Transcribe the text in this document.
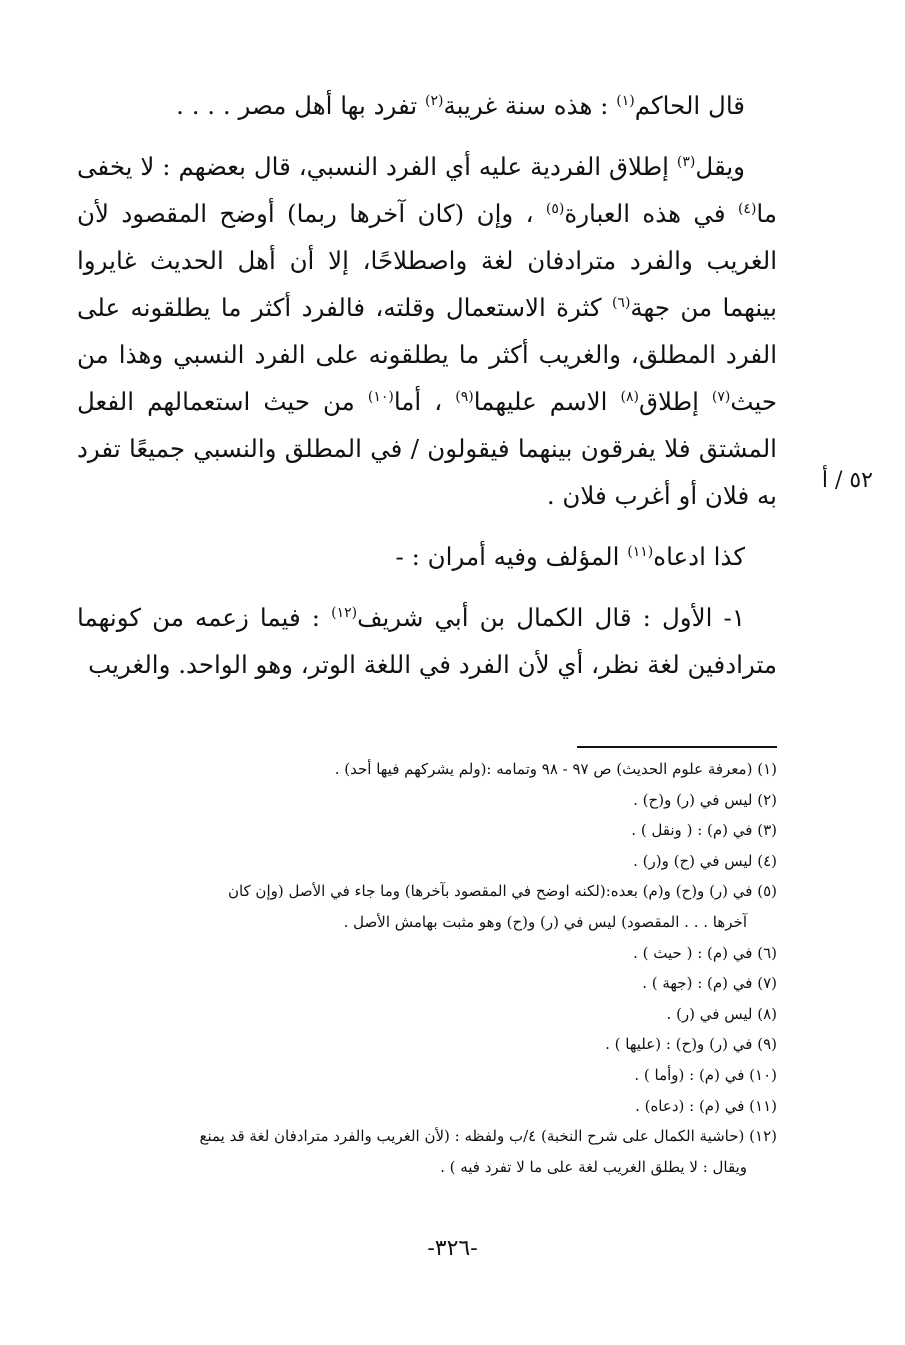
قال الحاكم$^{(١)}$ : هذه سنة غريبة$^{(٢)}$ تفرد بها أهل مصر . . . .

ويقل$^{(٣)}$ إطلاق الفردية عليه أي الفرد النسبي، قال بعضهم : لا يخفى ما$^{(٤)}$ في هذه العبارة$^{(٥)}$ ، وإن (كان آخرها ربما) أوضح المقصود لأن الغريب والفرد مترادفان لغة واصطلاحًا، إلا أن أهل الحديث غايروا بينهما من جهة$^{(٦)}$ كثرة الاستعمال وقلته، فالفرد أكثر ما يطلقونه على الفرد المطلق، والغريب أكثر ما يطلقونه على الفرد النسبي وهذا من حيث$^{(٧)}$ إطلاق$^{(٨)}$ الاسم عليهما$^{(٩)}$ ، أما$^{(١٠)}$ من حيث استعمالهم الفعل المشتق فلا يفرقون بينهما فيقولون / في المطلق والنسبي جميعًا تفرد به فلان أو أغرب فلان .

كذا ادعاه$^{(١١)}$ المؤلف وفيه أمران : -

١- الأول : قال الكمال بن أبي شريف$^{(١٢)}$ : فيما زعمه من كونهما مترادفين لغة نظر، أي لأن الفرد في اللغة الوتر، وهو الواحد. والغريب

٥٢ / أ
(١) (معرفة علوم الحديث) ص ٩٧ - ٩٨ وتمامه :(ولم يشركهم فيها أحد) .
(٢) ليس في (ر) و(ح) .
(٣) في (م) : ( ونقل ) .
(٤) ليس في (ح) و(ر) .
(٥) في (ر) و(ح) و(م) بعده:(لكنه اوضح في المقصود بآخرها) وما جاء في الأصل (وإن كان
آخرها . . . المقصود) ليس في (ر) و(ح) وهو مثبت بهامش الأصل .
(٦) في (م) : ( حيث ) .
(٧) في (م) : (جهة ) .
(٨) ليس في (ر) .
(٩) في (ر) و(ح) : (عليها ) .
(١٠) في (م) : (وأما ) .
(١١) في (م) : (دعاه) .
(١٢) (حاشية الكمال على شرح النخبة) ٤/ب ولفظه : (لأن الغريب والفرد مترادفان لغة قد يمنع
ويقال : لا يطلق الغريب لغة على ما لا تفرد فيه ) .
-٣٢٦-
